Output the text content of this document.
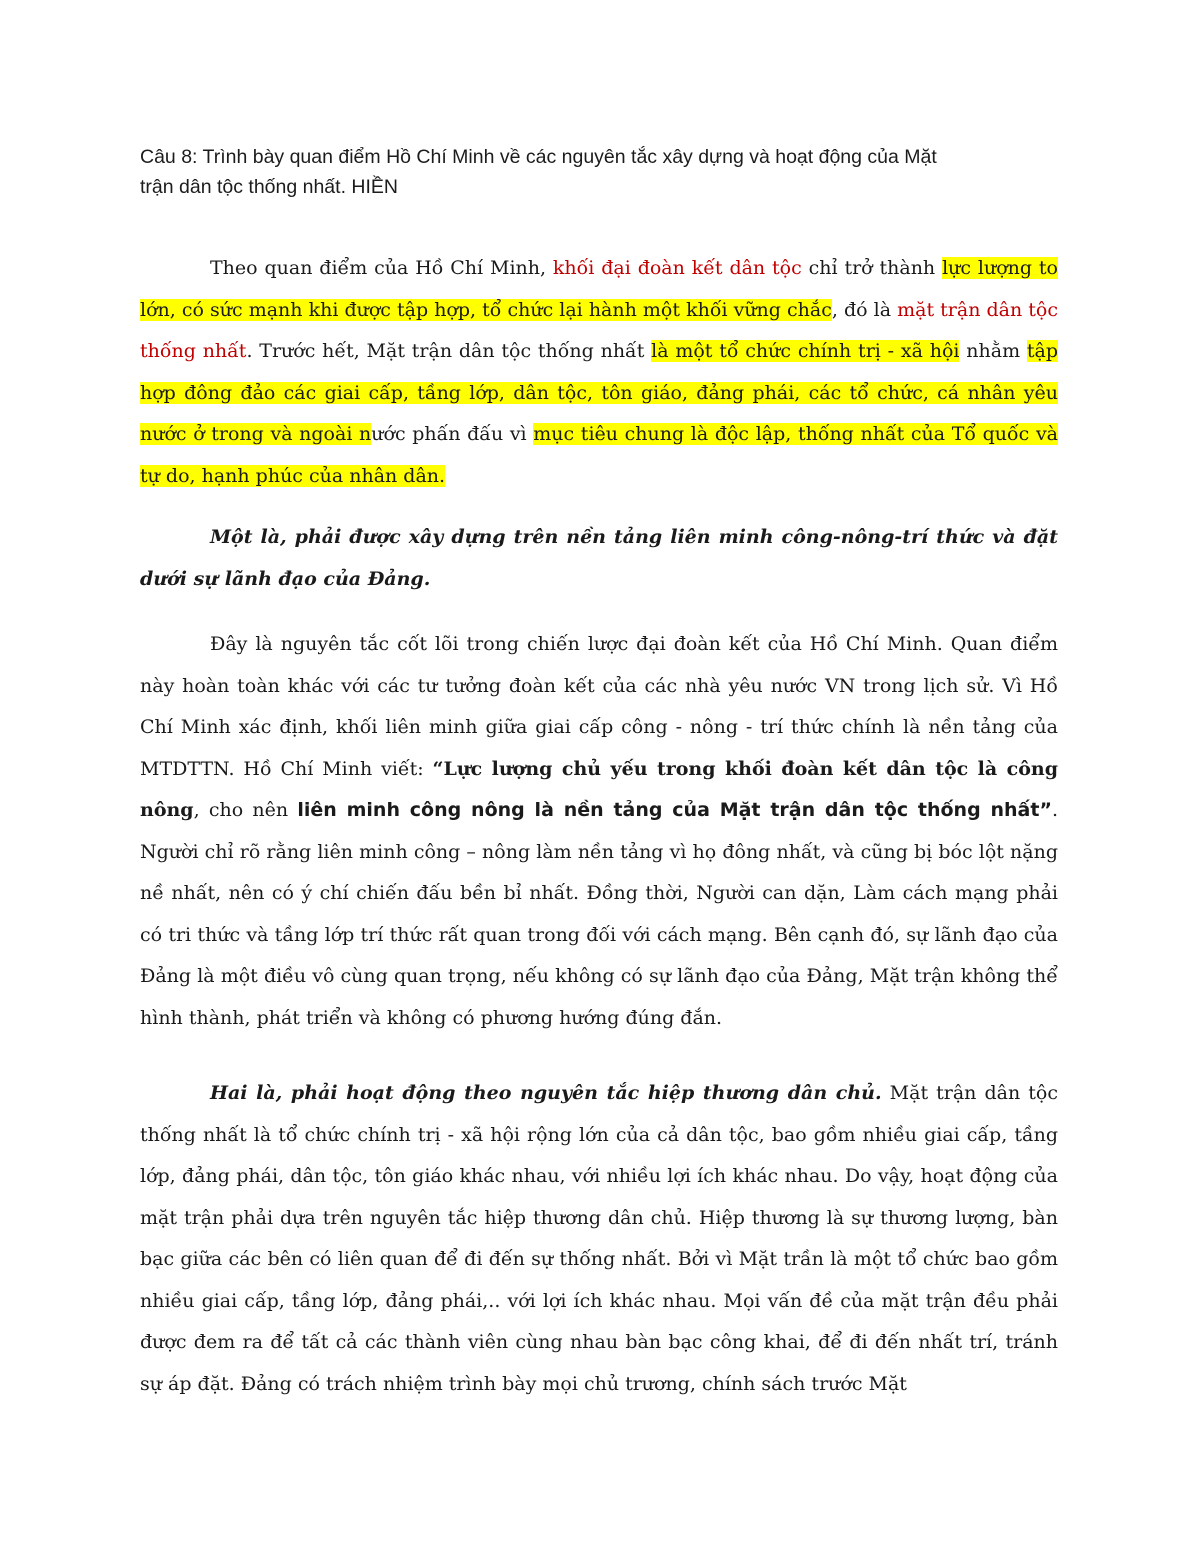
Câu 8: Trình bày quan điểm Hồ Chí Minh về các nguyên tắc xây dựng và hoạt động của Mặt
trận dân tộc thống nhất. HIỀN

Theo quan điểm của Hồ Chí Minh, khối đại đoàn kết dân tộc chỉ trở thành lực lượng to lớn, có sức mạnh khi được tập hợp, tổ chức lại hành một khối vững chắc, đó là mặt trận dân tộc thống nhất. Trước hết, Mặt trận dân tộc thống nhất là một tổ chức chính trị - xã hội nhằm tập hợp đông đảo các giai cấp, tầng lớp, dân tộc, tôn giáo, đảng phái, các tổ chức, cá nhân yêu nước ở trong và ngoài nước phấn đấu vì mục tiêu chung là độc lập, thống nhất của Tổ quốc và tự do, hạnh phúc của nhân dân.

Một là, phải được xây dựng trên nền tảng liên minh công-nông-trí thức và đặt dưới sự lãnh đạo của Đảng.

Đây là nguyên tắc cốt lõi trong chiến lược đại đoàn kết của Hồ Chí Minh. Quan điểm này hoàn toàn khác với các tư tưởng đoàn kết của các nhà yêu nước VN trong lịch sử. Vì Hồ Chí Minh xác định, khối liên minh giữa giai cấp công - nông - trí thức chính là nền tảng của MTDTTN. Hồ Chí Minh viết: “Lực lượng chủ yếu trong khối đoàn kết dân tộc là công nông, cho nên liên minh công nông là nền tảng của Mặt trận dân tộc thống nhất”. Người chỉ rõ rằng liên minh công – nông làm nền tảng vì họ đông nhất, và cũng bị bóc lột nặng nề nhất, nên có ý chí chiến đấu bền bỉ nhất. Đồng thời, Người can dặn, Làm cách mạng phải có tri thức và tầng lớp trí thức rất quan trong đối với cách mạng. Bên cạnh đó, sự lãnh đạo của Đảng là một điều vô cùng quan trọng, nếu không có sự lãnh đạo của Đảng, Mặt trận không thể hình thành, phát triển và không có phương hướng đúng đắn.

Hai là, phải hoạt động theo nguyên tắc hiệp thương dân chủ. Mặt trận dân tộc thống nhất là tổ chức chính trị - xã hội rộng lớn của cả dân tộc, bao gồm nhiều giai cấp, tầng lớp, đảng phái, dân tộc, tôn giáo khác nhau, với nhiều lợi ích khác nhau. Do vậy, hoạt động của mặt trận phải dựa trên nguyên tắc hiệp thương dân chủ. Hiệp thương là sự thương lượng, bàn bạc giữa các bên có liên quan để đi đến sự thống nhất. Bởi vì Mặt trần là một tổ chức bao gồm nhiều giai cấp, tầng lớp, đảng phái,.. với lợi ích khác nhau. Mọi vấn đề của mặt trận đều phải được đem ra để tất cả các thành viên cùng nhau bàn bạc công khai, để đi đến nhất trí, tránh sự áp đặt. Đảng có trách nhiệm trình bày mọi chủ trương, chính sách trước Mặt
